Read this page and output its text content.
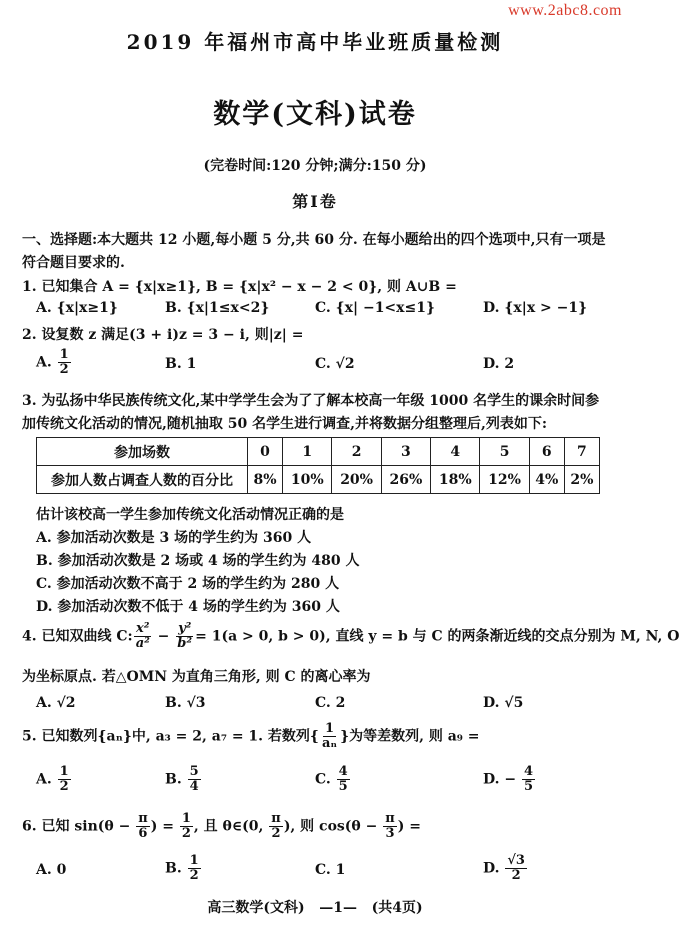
www.2abc8.com
2019 年福州市高中毕业班质量检测
数学(文科)试卷
(完卷时间:120 分钟;满分:150 分)
第Ⅰ卷
一、选择题:本大题共 12 小题,每小题 5 分,共 60 分. 在每小题给出的四个选项中,只有一项是
符合题目要求的.
1. 已知集合 A = {x|x≥1}, B = {x|x² − x − 2 < 0}, 则 A∪B =
A. {x|x≥1}	B. {x|1≤x<2}	C. {x| −1<x≤1}	D. {x|x > −1}
2. 设复数 z 满足(3 + i)z = 3 − i, 则|z| =
A. $\frac{1}{2}$	B. 1	C. √2	D. 2
3. 为弘扬中华民族传统文化,某中学学生会为了了解本校高一年级 1000 名学生的课余时间参
加传统文化活动的情况,随机抽取 50 名学生进行调查,并将数据分组整理后,列表如下:
参加场数	0	1	2	3	4	5	6	7
参加人数占调查人数的百分比	8%	10%	20%	26%	18%	12%	4%	2%
估计该校高一学生参加传统文化活动情况正确的是
A. 参加活动次数是 3 场的学生约为 360 人
B. 参加活动次数是 2 场或 4 场的学生约为 480 人
C. 参加活动次数不高于 2 场的学生约为 280 人
D. 参加活动次数不低于 4 场的学生约为 360 人
4. 已知双曲线 C: $\frac{\text{x²}}{\text{a²}} - \frac{\text{y²}}{\text{b²}} = 1(a > 0$, b > 0), 直线 y = b 与 C 的两条渐近线的交点分别为 M, N, O
为坐标原点. 若△OMN 为直角三角形, 则 C 的离心率为
A. √2	B. √3	C. 2	D. √5
5. 已知数列{aₙ}中, a₃ = 2, a₇ = 1. 若数列{ $\frac{1}{\text{aₙ}}$ }为等差数列, 则 a₉ =
A. $\frac{1}{2}$	B. $\frac{5}{4}$	C. $\frac{4}{5}$	D. − $\frac{4}{5}$
6. 已知 $\sin(\theta - \frac{\pi}{6}$ ) = $\frac{1}{2}$ , 且 θ∈(0, $\frac{\pi}{2}$ ), 则 $\cos(\theta - \frac{\pi}{3}$ ) =
A. 0	B. $\frac{1}{2}$	C. 1	D. $\frac{√3}{2}$
高三数学(文科)   —1—   (共4页)
